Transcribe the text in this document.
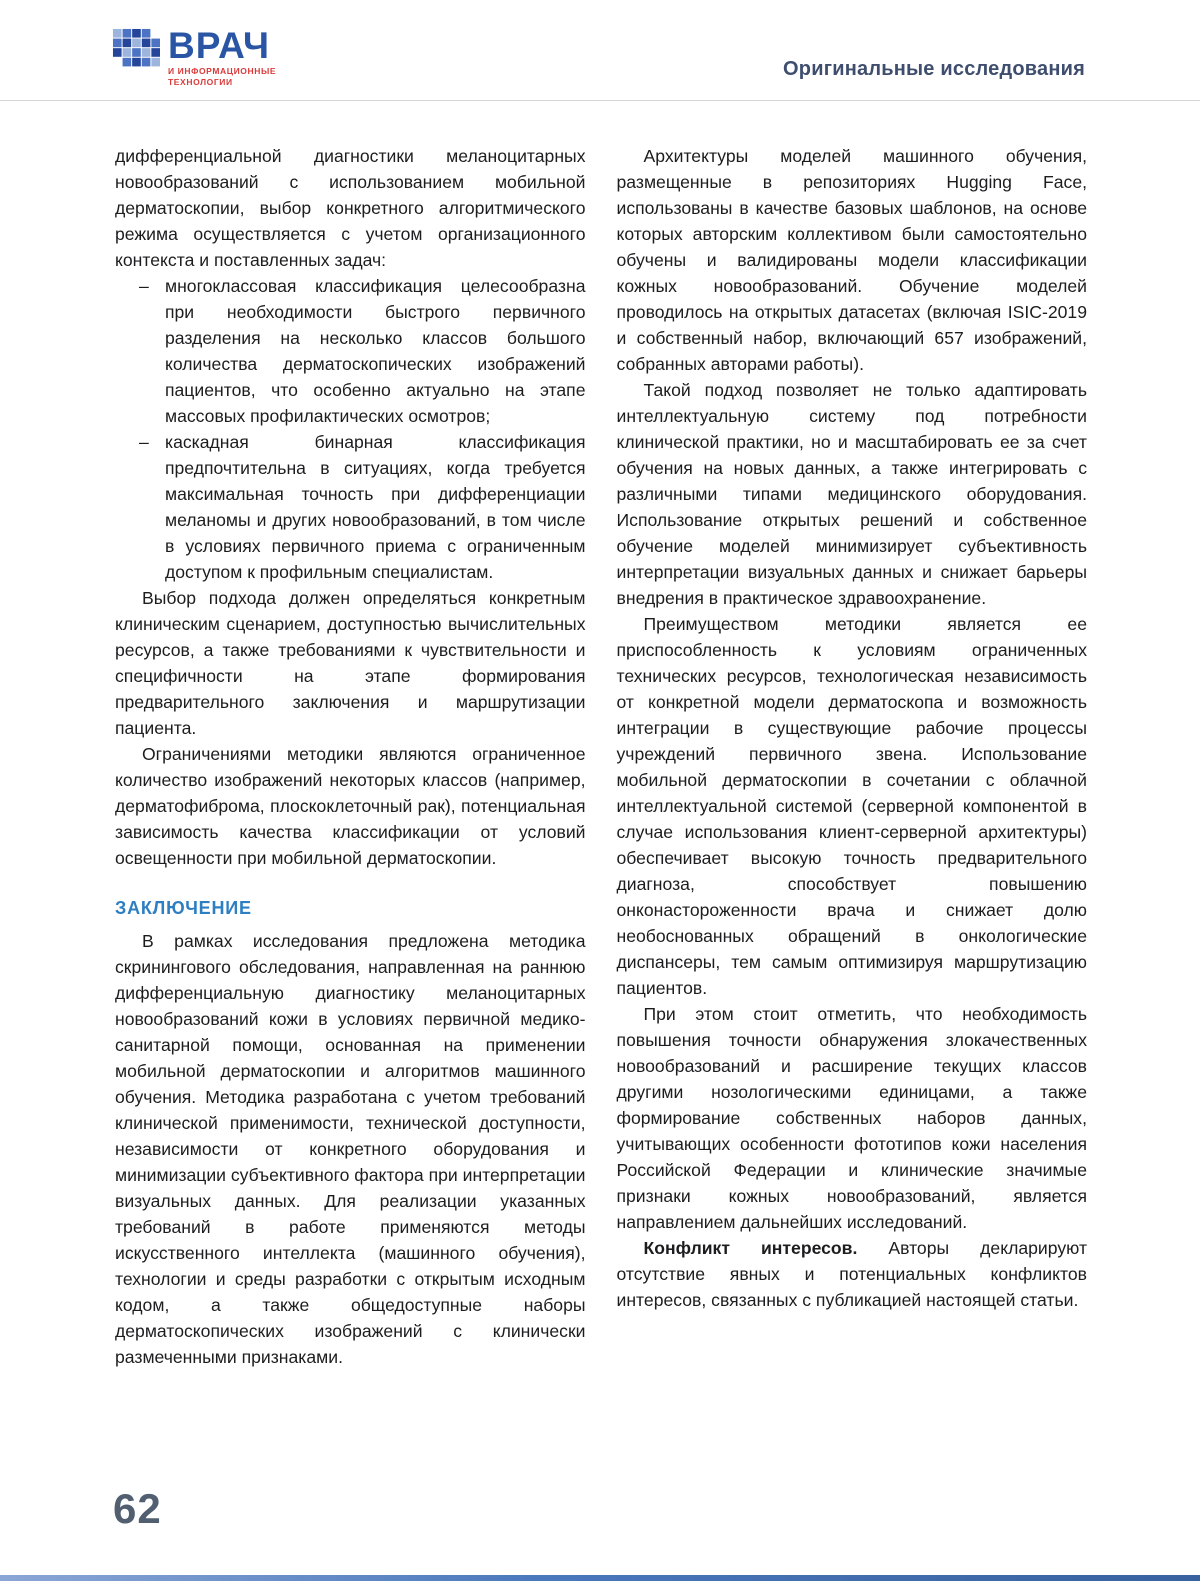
ВРАЧ
И ИНФОРМАЦИОННЫЕ
ТЕХНОЛОГИИ
Оригинальные исследования

дифференциальной диагностики меланоцитарных новообразований с использованием мобильной дерматоскопии, выбор конкретного алгоритмического режима осуществляется с учетом организационного контекста и поставленных задач:

– многоклассовая классификация целесообразна при необходимости быстрого первичного разделения на несколько классов большого количества дерматоскопических изображений пациентов, что особенно актуально на этапе массовых профилактических осмотров;
– каскадная бинарная классификация предпочтительна в ситуациях, когда требуется максимальная точность при дифференциации меланомы и других новообразований, в том числе в условиях первичного приема с ограниченным доступом к профильным специалистам.

Выбор подхода должен определяться конкретным клиническим сценарием, доступностью вычислительных ресурсов, а также требованиями к чувствительности и специфичности на этапе формирования предварительного заключения и маршрутизации пациента.

Ограничениями методики являются ограниченное количество изображений некоторых классов (например, дерматофиброма, плоскоклеточный рак), потенциальная зависимость качества классификации от условий освещенности при мобильной дерматоскопии.

ЗАКЛЮЧЕНИЕ

В рамках исследования предложена методика скринингового обследования, направленная на раннюю дифференциальную диагностику меланоцитарных новообразований кожи в условиях первичной медико-санитарной помощи, основанная на применении мобильной дерматоскопии и алгоритмов машинного обучения. Методика разработана с учетом требований клинической применимости, технической доступности, независимости от конкретного оборудования и минимизации субъективного фактора при интерпретации визуальных данных. Для реализации указанных требований в работе применяются методы искусственного интеллекта (машинного обучения), технологии и среды разработки с открытым исходным кодом, а также общедоступные наборы дерматоскопических изображений с клинически размеченными признаками.

Архитектуры моделей машинного обучения, размещенные в репозиториях Hugging Face, использованы в качестве базовых шаблонов, на основе которых авторским коллективом были самостоятельно обучены и валидированы модели классификации кожных новообразований. Обучение моделей проводилось на открытых датасетах (включая ISIC-2019 и собственный набор, включающий 657 изображений, собранных авторами работы).

Такой подход позволяет не только адаптировать интеллектуальную систему под потребности клинической практики, но и масштабировать ее за счет обучения на новых данных, а также интегрировать с различными типами медицинского оборудования. Использование открытых решений и собственное обучение моделей минимизирует субъективность интерпретации визуальных данных и снижает барьеры внедрения в практическое здравоохранение.

Преимуществом методики является ее приспособленность к условиям ограниченных технических ресурсов, технологическая независимость от конкретной модели дерматоскопа и возможность интеграции в существующие рабочие процессы учреждений первичного звена. Использование мобильной дерматоскопии в сочетании с облачной интеллектуальной системой (серверной компонентой в случае использования клиент-серверной архитектуры) обеспечивает высокую точность предварительного диагноза, способствует повышению онконастороженности врача и снижает долю необоснованных обращений в онкологические диспансеры, тем самым оптимизируя маршрутизацию пациентов.

При этом стоит отметить, что необходимость повышения точности обнаружения злокачественных новообразований и расширение текущих классов другими нозологическими единицами, а также формирование собственных наборов данных, учитывающих особенности фототипов кожи населения Российской Федерации и клинические значимые признаки кожных новообразований, является направлением дальнейших исследований.

Конфликт интересов. Авторы декларируют отсутствие явных и потенциальных конфликтов интересов, связанных с публикацией настоящей статьи.

62
